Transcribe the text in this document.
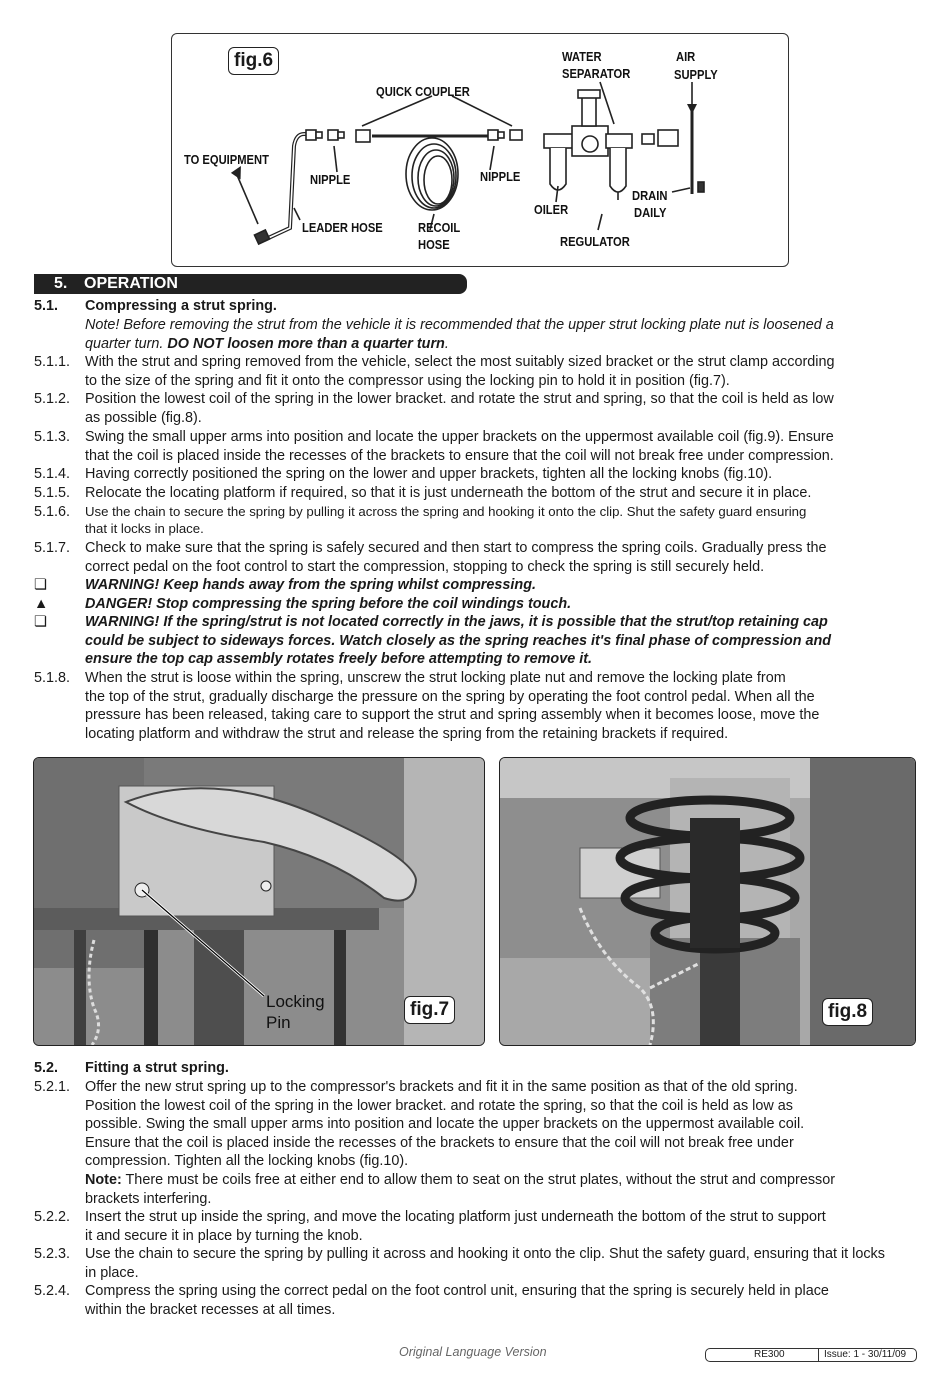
fig.6
TO EQUIPMENT
QUICK COUPLER
NIPPLE	NIPPLE
LEADER HOSE	RECOIL
HOSE
WATER
SEPARATOR
AIR
SUPPLY
OILER
REGULATOR
DRAIN
DAILY
5. OPERATION
5.1. Compressing a strut spring.
Note! Before removing the strut from the vehicle it is recommended that the upper strut locking plate nut is loosened a
quarter turn. DO NOT loosen more than a quarter turn.
5.1.1. With the strut and spring removed from the vehicle, select the most suitably sized bracket or the strut clamp according
to the size of the spring and fit it onto the compressor using the locking pin to hold it in position (fig.7).
5.1.2. Position the lowest coil of the spring in the lower bracket. and rotate the strut and spring, so that the coil is held as low
as possible (fig.8).
5.1.3. Swing the small upper arms into position and locate the upper brackets on the uppermost available coil (fig.9). Ensure
that the coil is placed inside the recesses of the brackets to ensure that the coil will not break free under compression.
5.1.4. Having correctly positioned the spring on the lower and upper brackets, tighten all the locking knobs (fig.10).
5.1.5. Relocate the locating platform if required, so that it is just underneath the bottom of the strut and secure it in place.
5.1.6. Use the chain to secure the spring by pulling it across the spring and hooking it onto the clip. Shut the safety guard ensuring
that it locks in place.
5.1.7. Check to make sure that the spring is safely secured and then start to compress the spring coils. Gradually press the
correct pedal on the foot control to start the compression, stopping to check the spring is still securely held.
❏	WARNING! Keep hands away from the spring whilst compressing.
▲	DANGER! Stop compressing the spring before the coil windings touch.
❏	WARNING! If the spring/strut is not located correctly in the jaws, it is possible that the strut/top retaining cap
could be subject to sideways forces. Watch closely as the spring reaches it's final phase of compression and
ensure the top cap assembly rotates freely before attempting to remove it.
5.1.8. When the strut is loose within the spring, unscrew the strut locking plate nut and remove the locking plate from
the top of the strut, gradually discharge the pressure on the spring by operating the foot control pedal. When all the
pressure has been released, taking care to support the strut and spring assembly when it becomes loose, move the
locating platform and withdraw the strut and release the spring from the retaining brackets if required.
Locking
Pin
fig.7	fig.8
5.2. Fitting a strut spring.
5.2.1. Offer the new strut spring up to the compressor's brackets and fit it in the same position as that of the old spring.
Position the lowest coil of the spring in the lower bracket. and rotate the spring, so that the coil is held as low as
possible. Swing the small upper arms into position and locate the upper brackets on the uppermost available coil.
Ensure that the coil is placed inside the recesses of the brackets to ensure that the coil will not break free under
compression. Tighten all the locking knobs (fig.10).
Note: There must be coils free at either end to allow them to seat on the strut plates, without the strut and compressor
brackets interfering.
5.2.2. Insert the strut up inside the spring, and move the locating platform just underneath the bottom of the strut to support
it and secure it in place by turning the knob.
5.2.3. Use the chain to secure the spring by pulling it across and hooking it onto the clip. Shut the safety guard, ensuring that it locks
in place.
5.2.4. Compress the spring using the correct pedal on the foot control unit, ensuring that the spring is securely held in place
within the bracket recesses at all times.
Original Language Version	RE300	Issue: 1 - 30/11/09
